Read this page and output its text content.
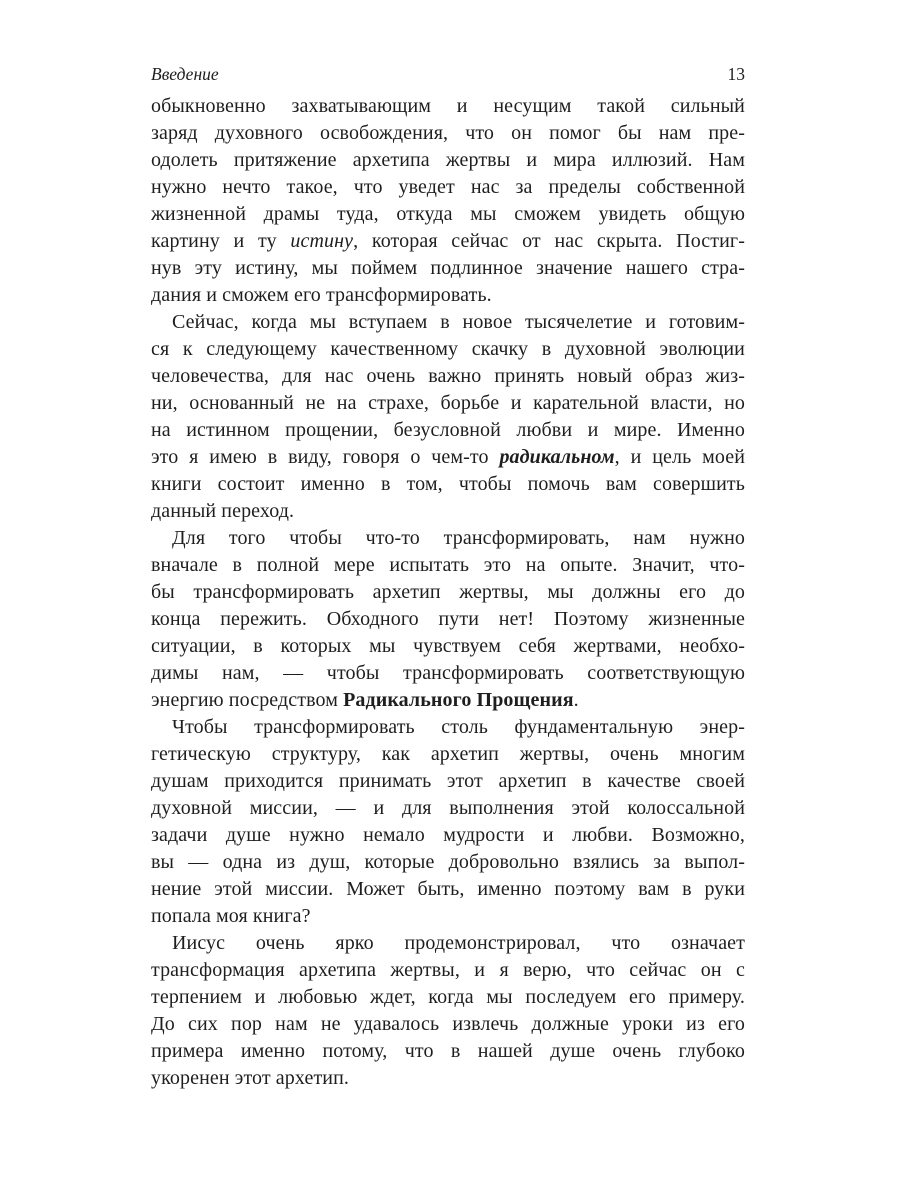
Введение	13
обыкновенно захватывающим и несущим такой сильный
заряд духовного освобождения, что он помог бы нам пре-
одолеть притяжение архетипа жертвы и мира иллюзий. Нам
нужно нечто такое, что уведет нас за пределы собственной
жизненной драмы туда, откуда мы сможем увидеть общую
картину и ту истину, которая сейчас от нас скрыта. Постиг-
нув эту истину, мы поймем подлинное значение нашего стра-
дания и сможем его трансформировать.
Сейчас, когда мы вступаем в новое тысячелетие и готовим-
ся к следующему качественному скачку в духовной эволюции
человечества, для нас очень важно принять новый образ жиз-
ни, основанный не на страхе, борьбе и карательной власти, но
на истинном прощении, безусловной любви и мире. Именно
это я имею в виду, говоря о чем-то радикальном, и цель моей
книги состоит именно в том, чтобы помочь вам совершить
данный переход.
Для того чтобы что-то трансформировать, нам нужно
вначале в полной мере испытать это на опыте. Значит, что-
бы трансформировать архетип жертвы, мы должны его до
конца пережить. Обходного пути нет! Поэтому жизненные
ситуации, в которых мы чувствуем себя жертвами, необхо-
димы нам, — чтобы трансформировать соответствующую
энергию посредством Радикального Прощения.
Чтобы трансформировать столь фундаментальную энер-
гетическую структуру, как архетип жертвы, очень многим
душам приходится принимать этот архетип в качестве своей
духовной миссии, — и для выполнения этой колоссальной
задачи душе нужно немало мудрости и любви. Возможно,
вы — одна из душ, которые добровольно взялись за выпол-
нение этой миссии. Может быть, именно поэтому вам в руки
попала моя книга?
Иисус очень ярко продемонстрировал, что означает
трансформация архетипа жертвы, и я верю, что сейчас он с
терпением и любовью ждет, когда мы последуем его примеру.
До сих пор нам не удавалось извлечь должные уроки из его
примера именно потому, что в нашей душе очень глубоко
укоренен этот архетип.
